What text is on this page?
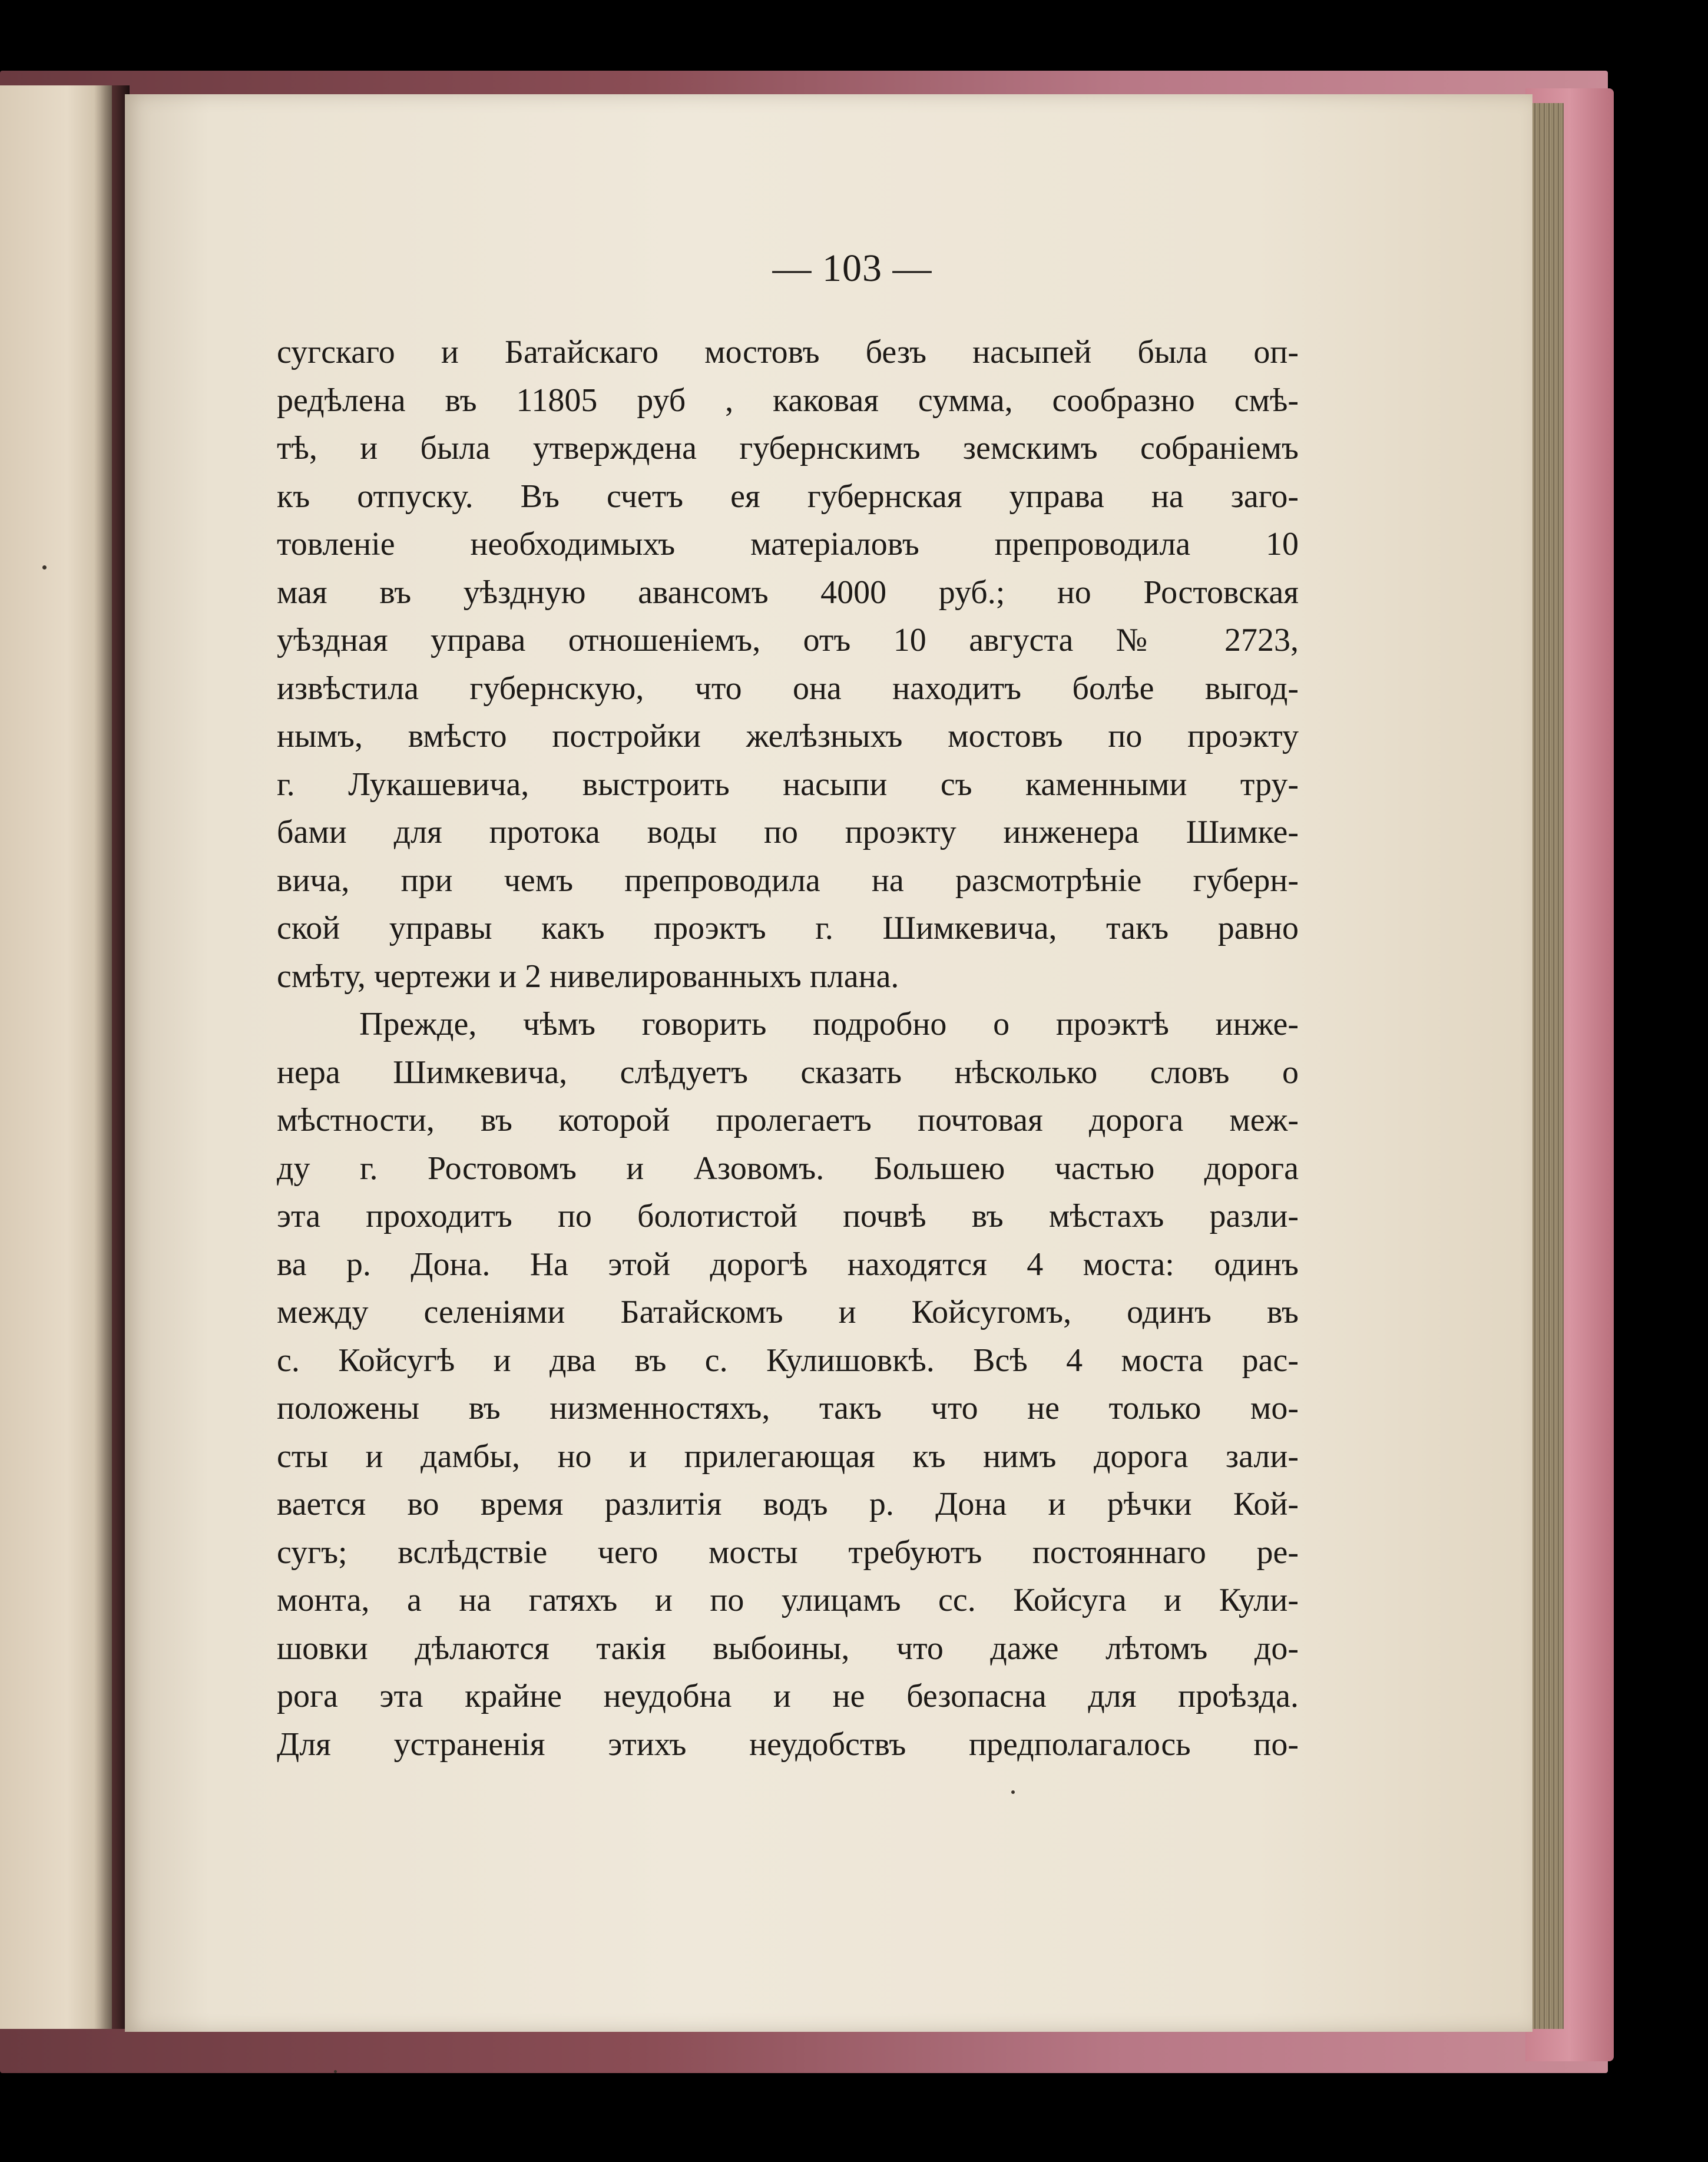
— 103 —
сугскаго и Батайскаго мостовъ безъ насыпей была оп-
редѣлена въ 11805 руб , каковая сумма, сообразно смѣ-
тѣ, и была утверждена губернскимъ земскимъ собраніемъ
къ отпуску. Въ счетъ ея губернская управа на заго-
товленіе необходимыхъ матеріаловъ препроводила 10
мая въ уѣздную авансомъ 4000 руб.; но Ростовская
уѣздная управа отношеніемъ, отъ 10 августа № 2723,
извѣстила губернскую, что она находитъ болѣе выгод-
нымъ, вмѣсто постройки желѣзныхъ мостовъ по проэкту
г. Лукашевича, выстроить насыпи съ каменными тру-
бами для протока воды по проэкту инженера Шимке-
вича, при чемъ препроводила на разсмотрѣніе губерн-
ской управы какъ проэктъ г. Шимкевича, такъ равно
смѣту, чертежи и 2 нивелированныхъ плана.
Прежде, чѣмъ говорить подробно о проэктѣ инже-
нера Шимкевича, слѣдуетъ сказать нѣсколько словъ о
мѣстности, въ которой пролегаетъ почтовая дорога меж-
ду г. Ростовомъ и Азовомъ. Большею частью дорога
эта проходитъ по болотистой почвѣ въ мѣстахъ разли-
ва р. Дона. На этой дорогѣ находятся 4 моста: одинъ
между селеніями Батайскомъ и Койсугомъ, одинъ въ
с. Койсугѣ и два въ с. Кулишовкѣ. Всѣ 4 моста рас-
положены въ низменностяхъ, такъ что не только мо-
сты и дамбы, но и прилегающая къ нимъ дорога зали-
вается во время разлитія водъ р. Дона и рѣчки Кой-
сугъ; вслѣдствіе чего мосты требуютъ постояннаго ре-
монта, а на гатяхъ и по улицамъ сс. Койсуга и Кули-
шовки дѣлаются такія выбоины, что даже лѣтомъ до-
рога эта крайне неудобна и не безопасна для проѣзда.
Для устраненія этихъ неудобствъ предполагалось по-
